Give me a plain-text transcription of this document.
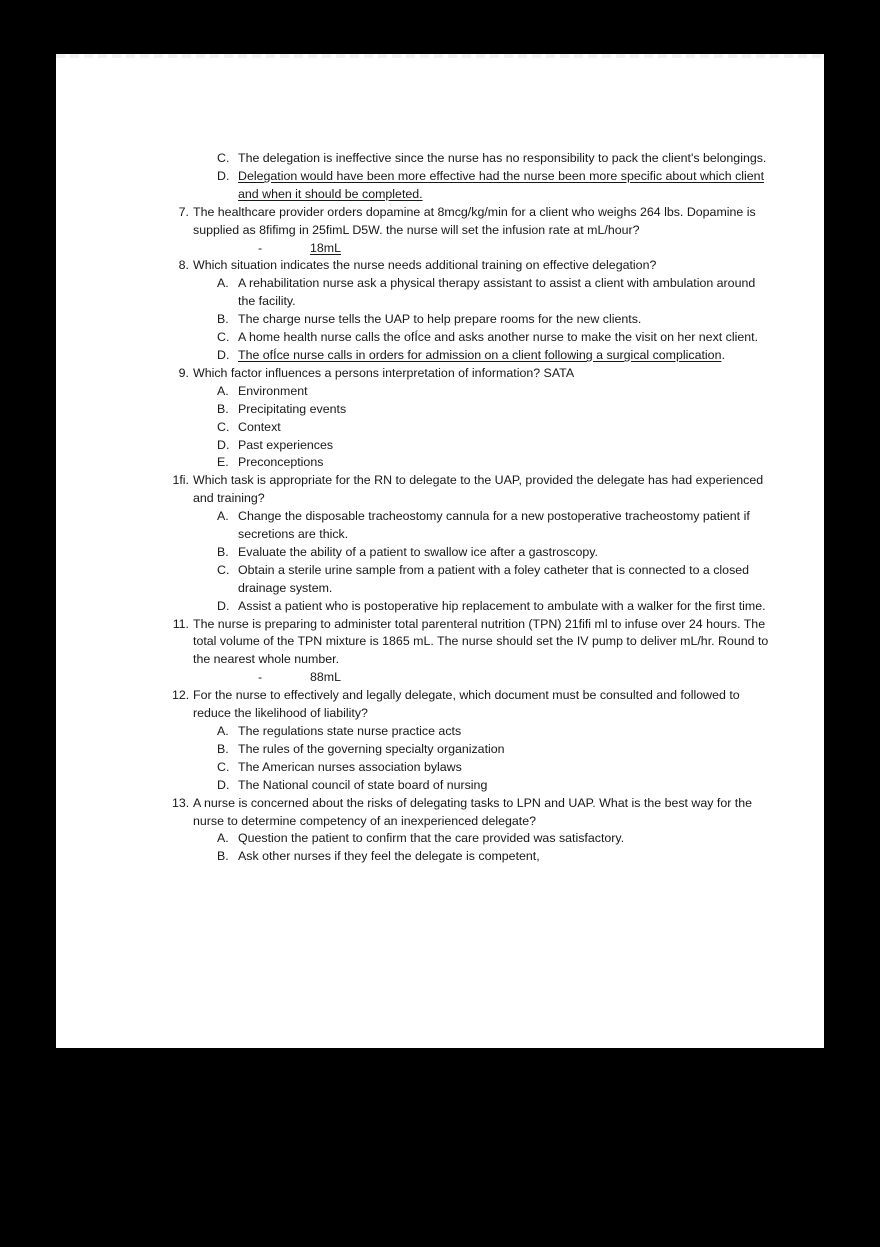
C. The delegation is ineffective since the nurse has no responsibility to pack the client's belongings.
D. Delegation would have been more effective had the nurse been more specific about which client and when it should be completed.
7. The healthcare provider orders dopamine at 8mcg/kg/min for a client who weighs 264 lbs. Dopamine is supplied as 8fifimg in 25fimL D5W. the nurse will set the infusion rate at mL/hour?
-	18mL
8. Which situation indicates the nurse needs additional training on effective delegation?
A. A rehabilitation nurse ask a physical therapy assistant to assist a client with ambulation around the facility.
B. The charge nurse tells the UAP to help prepare rooms for the new clients.
C. A home health nurse calls the ofÍce and asks another nurse to make the visit on her next client.
D. The ofÍce nurse calls in orders for admission on a client following a surgical complication.
9. Which factor influences a persons interpretation of information? SATA
A. Environment
B. Precipitating events
C. Context
D. Past experiences
E. Preconceptions
1fi. Which task is appropriate for the RN to delegate to the UAP, provided the delegate has had experienced and training?
A. Change the disposable tracheostomy cannula for a new postoperative tracheostomy patient if secretions are thick.
B. Evaluate the ability of a patient to swallow ice after a gastroscopy.
C. Obtain a sterile urine sample from a patient with a foley catheter that is connected to a closed drainage system.
D. Assist a patient who is postoperative hip replacement to ambulate with a walker for the first time.
11. The nurse is preparing to administer total parenteral nutrition (TPN) 21fifi ml to infuse over 24 hours. The total volume of the TPN mixture is 1865 mL. The nurse should set the IV pump to deliver mL/hr. Round to the nearest whole number.
-	88mL
12. For the nurse to effectively and legally delegate, which document must be consulted and followed to reduce the likelihood of liability?
A. The regulations state nurse practice acts
B. The rules of the governing specialty organization
C. The American nurses association bylaws
D. The National council of state board of nursing
13. A nurse is concerned about the risks of delegating tasks to LPN and UAP. What is the best way for the nurse to determine competency of an inexperienced delegate?
A. Question the patient to confirm that the care provided was satisfactory.
B. Ask other nurses if they feel the delegate is competent,
